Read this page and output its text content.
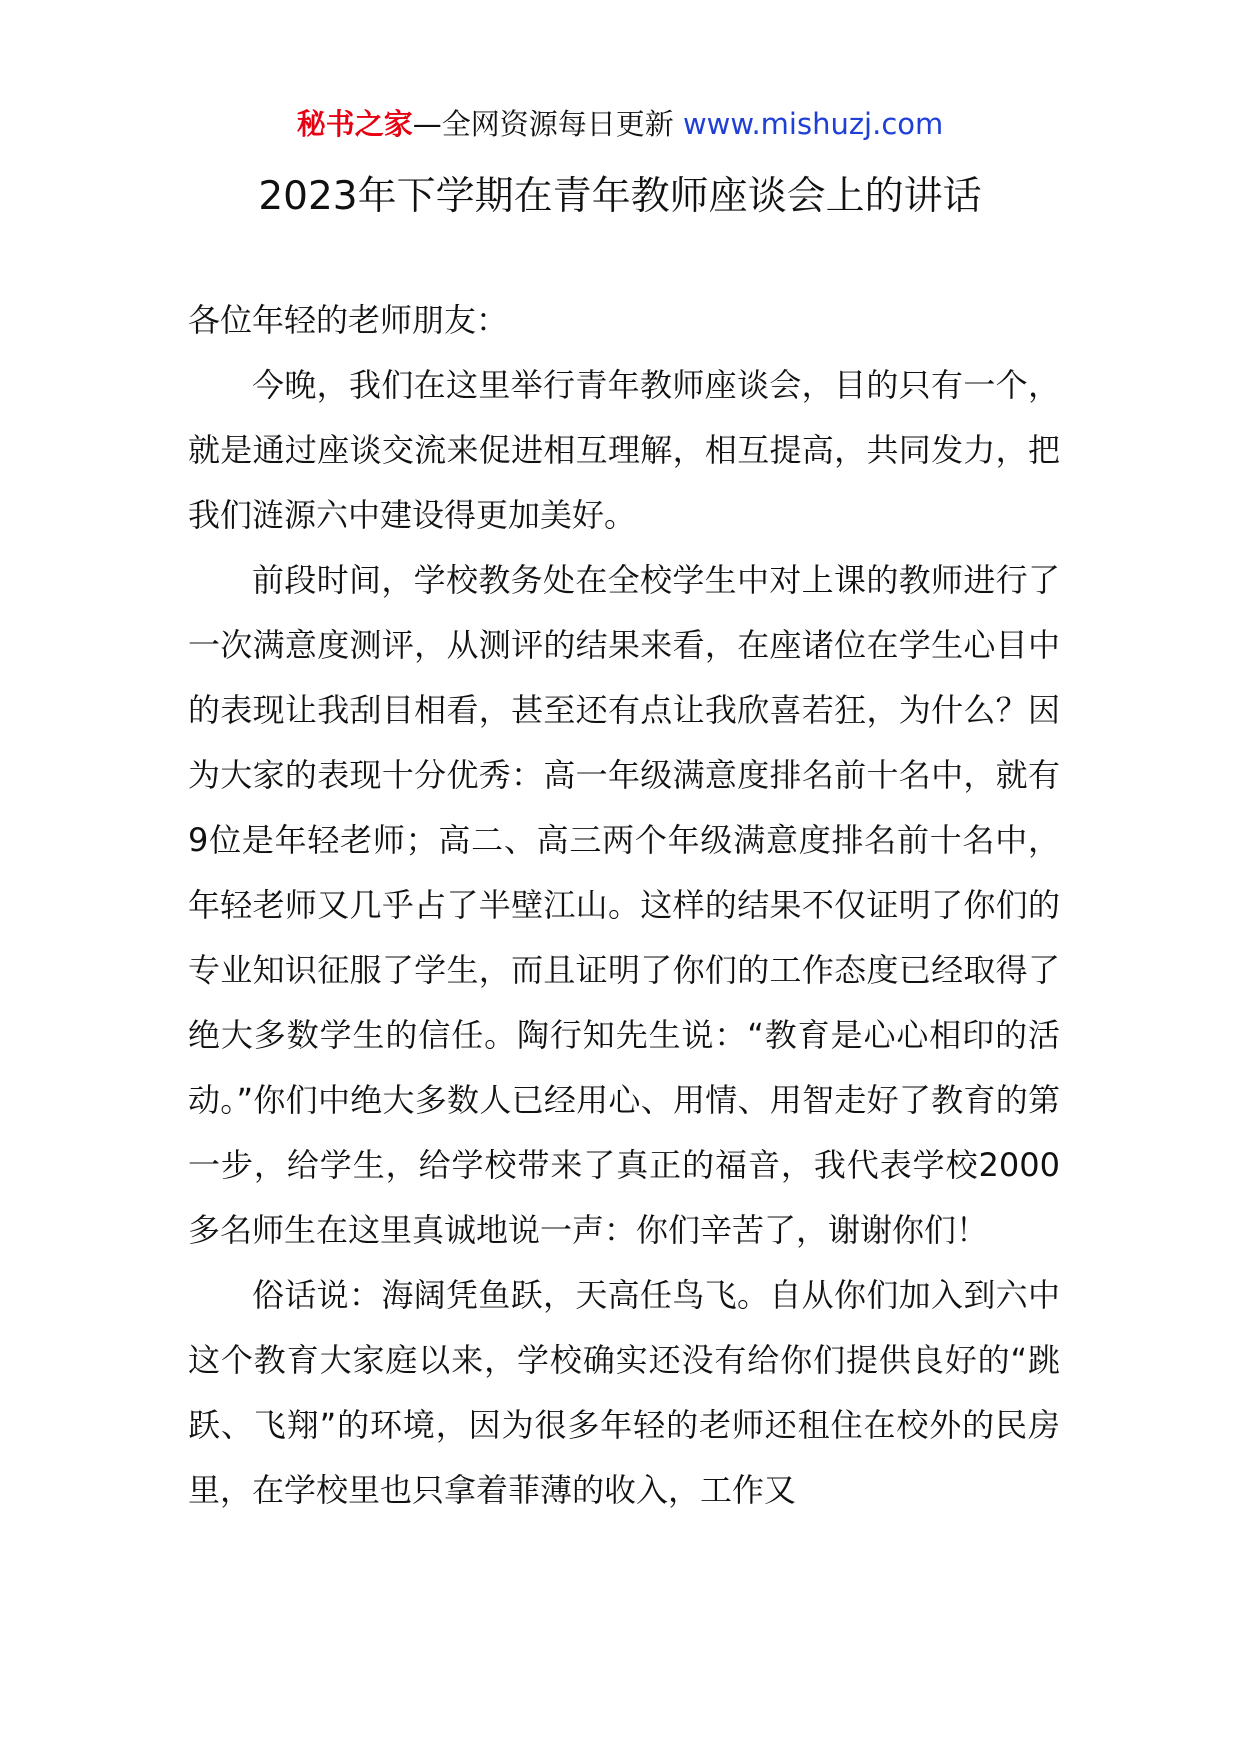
秘书之家—全网资源每日更新 www.mishuzj.com
2023年下学期在青年教师座谈会上的讲话

各位年轻的老师朋友：

今晚，我们在这里举行青年教师座谈会，目的只有一个，就是通过座谈交流来促进相互理解，相互提高，共同发力，把我们涟源六中建设得更加美好。

前段时间，学校教务处在全校学生中对上课的教师进行了一次满意度测评，从测评的结果来看，在座诸位在学生心目中的表现让我刮目相看，甚至还有点让我欣喜若狂，为什么？因为大家的表现十分优秀：高一年级满意度排名前十名中，就有9位是年轻老师；高二、高三两个年级满意度排名前十名中，年轻老师又几乎占了半壁江山。这样的结果不仅证明了你们的专业知识征服了学生，而且证明了你们的工作态度已经取得了绝大多数学生的信任。陶行知先生说：“教育是心心相印的活动。”你们中绝大多数人已经用心、用情、用智走好了教育的第一步，给学生，给学校带来了真正的福音，我代表学校2000多名师生在这里真诚地说一声：你们辛苦了，谢谢你们！

俗话说：海阔凭鱼跃，天高任鸟飞。自从你们加入到六中这个教育大家庭以来，学校确实还没有给你们提供良好的“跳跃、飞翔”的环境，因为很多年轻的老师还租住在校外的民房里，在学校里也只拿着菲薄的收入，工作又
